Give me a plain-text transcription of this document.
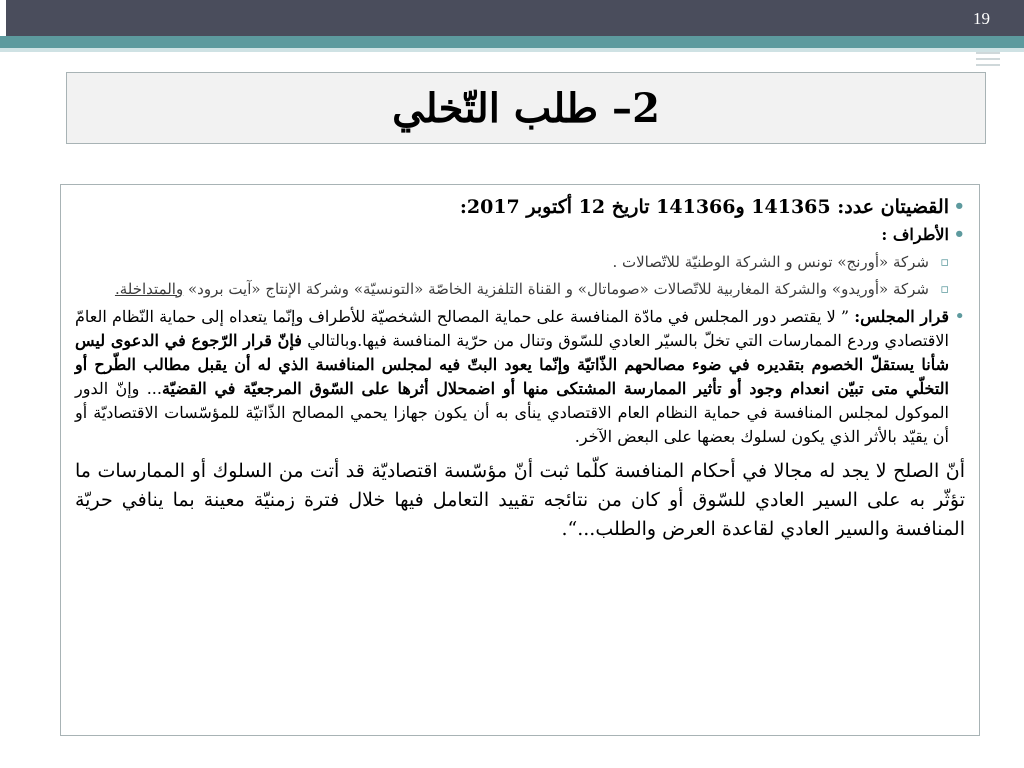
19
2– طلب التّخلي
• القضيتان عدد: 141365 و141366 تاريخ 12 أكتوبر 2017:
• الأطراف :
▫ شركة «أورنج» تونس و الشركة الوطنيّة للاتّصالات .
▫ شركة «أوريدو» والشركة المغاربية للاتّصالات «صوماتال» و القناة التلفزية الخاصّة «التونسيّة» وشركة الإنتاج «آيت برود» والمتداخلة.
• قرار المجلس: ” لا يقتصر دور المجلس في مادّة المنافسة على حماية المصالح الشخصيّة للأطراف وإنّما يتعداه إلى حماية النّظام العامّ الاقتصادي وردع الممارسات التي تخلّ بالسيّر العادي للسّوق وتنال من حرّية المنافسة فيها.وبالتالي فإنّ قرار الرّجوع في الدعوى ليس شأنا يستقلّ الخصوم بتقديره في ضوء مصالحهم الذّاتيّة وإنّما يعود البتّ فيه لمجلس المنافسة الذي له أن يقبل مطالب الطّرح أو التخلّي متى تبيّن انعدام وجود أو تأثير الممارسة المشتكى منها أو اضمحلال أثرها على السّوق المرجعيّة في القضيّة... وإنّ الدور الموكول لمجلس المنافسة في حماية النظام العام الاقتصادي ينأى به أن يكون جهازا يحمي المصالح الذّاتيّة للمؤسّسات الاقتصاديّة أو أن يقيّد بالأثر الذي يكون لسلوك بعضها على البعض الآخر.
أنّ الصلح لا يجد له مجالا في أحكام المنافسة كلّما ثبت أنّ مؤسّسة اقتصاديّة قد أتت من السلوك أو الممارسات ما تؤثّر به على السير العادي للسّوق أو كان من نتائجه تقييد التعامل فيها خلال فترة زمنيّة معينة بما ينافي حريّة المنافسة والسير العادي لقاعدة العرض والطلب...“.
